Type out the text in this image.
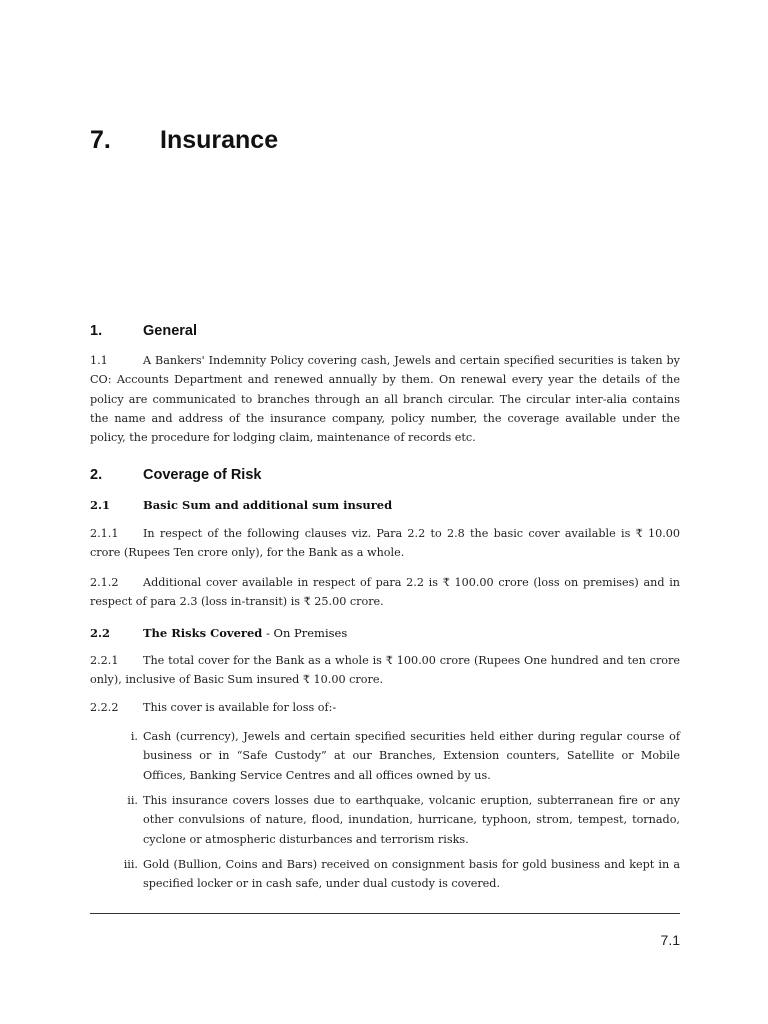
7. Insurance
1.	General

1.1	A Bankers' Indemnity Policy covering cash, Jewels and certain specified securities is taken by CO: Accounts Department and renewed annually by them. On renewal every year the details of the policy are communicated to branches through an all branch circular. The circular inter-alia contains the name and address of the insurance company, policy number, the coverage available under the policy, the procedure for lodging claim, maintenance of records etc.

2.	Coverage of Risk
2.1	Basic Sum and additional sum insured

2.1.1 In respect of the following clauses viz. Para 2.2 to 2.8 the basic cover available is ₹ 10.00 crore (Rupees Ten crore only), for the Bank as a whole.

2.1.2 Additional cover available in respect of para 2.2 is ₹ 100.00 crore (loss on premises) and in respect of para 2.3 (loss in-transit) is ₹ 25.00 crore.

2.2	The Risks Covered - On Premises

2.2.1 The total cover for the Bank as a whole is ₹ 100.00 crore (Rupees One hundred and ten crore only), inclusive of Basic Sum insured ₹ 10.00 crore.

2.2.2 This cover is available for loss of:-

i. Cash (currency), Jewels and certain specified securities held either during regular course of business or in “Safe Custody” at our Branches, Extension counters, Satellite or Mobile Offices, Banking Service Centres and all offices owned by us.
ii. This insurance covers losses due to earthquake, volcanic eruption, subterranean fire or any other convulsions of nature, flood, inundation, hurricane, typhoon, strom, tempest, tornado, cyclone or atmospheric disturbances and terrorism risks.
iii. Gold (Bullion, Coins and Bars) received on consignment basis for gold business and kept in a specified locker or in cash safe, under dual custody is covered.
7.1
